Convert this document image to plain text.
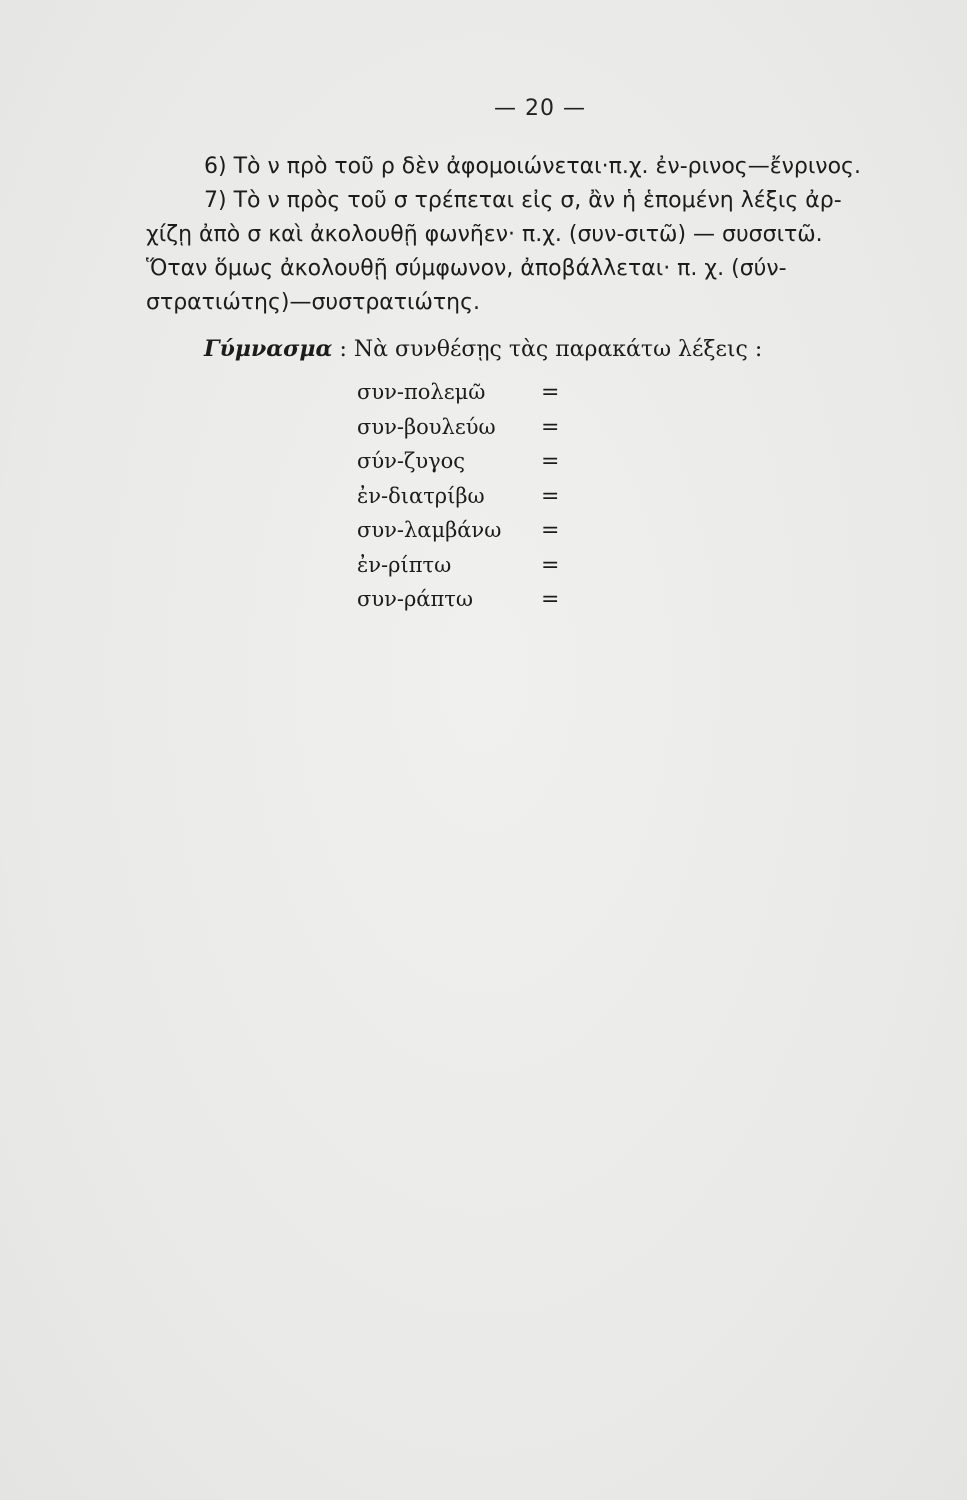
— 20 —
6) Τὸ ν πρὸ τοῦ ρ δὲν ἀφομοιώνεται·π.χ. ἐν-ρινος—ἔνρινος.
7) Τὸ ν πρὸς τοῦ σ τρέπεται εἰς σ, ἂν ἡ ἑπομένη λέξις ἀρ-
χίζῃ ἀπὸ σ καὶ ἀκολουθῇ φωνῆεν· π.χ. (συν-σιτῶ) — συσσιτῶ.
Ὅταν ὅμως ἀκολουθῇ σύμφωνον, ἀποβάλλεται· π. χ. (σύν-
στρατιώτης)—συστρατιώτης.
Γύμνασμα : Νὰ συνθέσῃς τὰς παρακάτω λέξεις :
συν-πολεμῶ	=
συν-βουλεύω =
σύν-ζυγος	=
ἐν-διατρίβω	=
συν-λαμβάνω =
ἐν-ρίπτω	=
συν-ράπτω	=
